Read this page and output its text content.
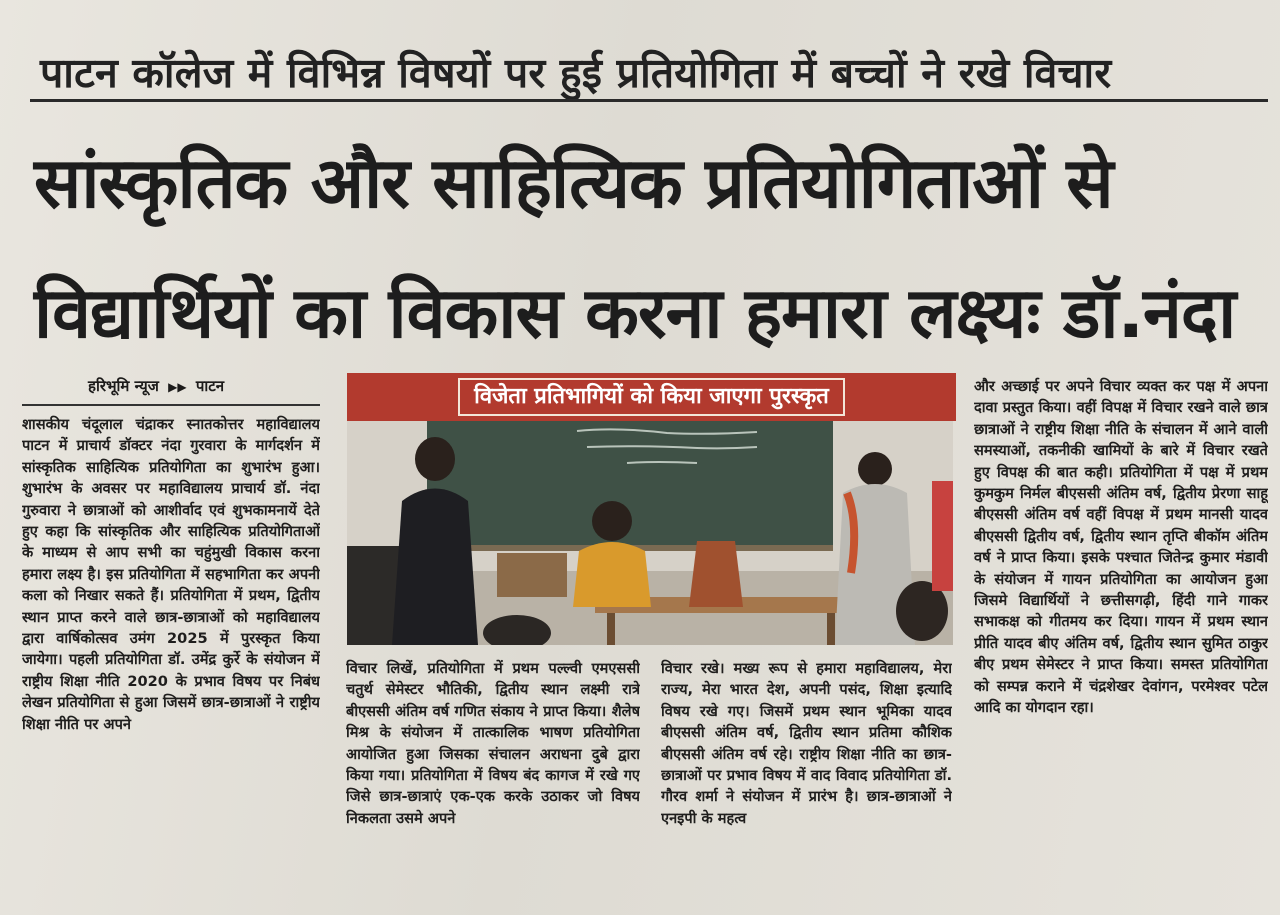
पाटन कॉलेज में विभिन्न विषयों पर हुई प्रतियोगिता में बच्चों ने रखे विचार
सांस्कृतिक और साहित्यिक प्रतियोगिताओं से
विद्यार्थियों का विकास करना हमारा लक्ष्यः डॉ.नंदा
हरिभूमि न्यूज ▶▶ पाटन
शासकीय चंदूलाल चंद्राकर स्नातकोत्तर महाविद्यालय पाटन में प्राचार्य डॉक्टर नंदा गुरवारा के मार्गदर्शन में सांस्कृतिक साहित्यिक प्रतियोगिता का शुभारंभ हुआ। शुभारंभ के अवसर पर महाविद्यालय प्राचार्य डॉ. नंदा गुरुवारा ने छात्राओं को आशीर्वाद एवं शुभकामनायें देते हुए कहा कि सांस्कृतिक और साहित्यिक प्रतियोगिताओं के माध्यम से आप सभी का चहुंमुखी विकास करना हमारा लक्ष्य है। इस प्रतियोगिता में सहभागिता कर अपनी कला को निखार सकते हैं। प्रतियोगिता में प्रथम, द्वितीय स्थान प्राप्त करने वाले छात्र-छात्राओं को महाविद्यालय द्वारा वार्षिकोत्सव उमंग 2025 में पुरस्कृत किया जायेगा। पहली प्रतियोगिता डॉ. उमेंद्र कुर्रे के संयोजन में राष्ट्रीय शिक्षा नीति 2020 के प्रभाव विषय पर निबंध लेखन प्रतियोगिता से हुआ जिसमें छात्र-छात्राओं ने राष्ट्रीय शिक्षा नीति पर अपने
विजेता प्रतिभागियों को किया जाएगा पुरस्कृत
विचार लिखें, प्रतियोगिता में प्रथम पल्ल्वी एमएससी चतुर्थ सेमेस्टर भौतिकी, द्वितीय स्थान लक्ष्मी रात्रे बीएससी अंतिम वर्ष गणित संकाय ने प्राप्त किया। शैलेष मिश्र के संयोजन में तात्कालिक भाषण प्रतियोगिता आयोजित हुआ जिसका संचालन अराधना दुबे द्वारा किया गया। प्रतियोगिता में विषय बंद कागज में रखे गए जिसे छात्र-छात्राएं एक-एक करके उठाकर जो विषय निकलता उसमे अपने
विचार रखे। मख्य रूप से हमारा महाविद्यालय, मेरा राज्य, मेरा भारत देश, अपनी पसंद, शिक्षा इत्यादि विषय रखे गए। जिसमें प्रथम स्थान भूमिका यादव बीएससी अंतिम वर्ष, द्वितीय स्थान प्रतिमा कौशिक बीएससी अंतिम वर्ष रहे। राष्ट्रीय शिक्षा नीति का छात्र-छात्राओं पर प्रभाव विषय में वाद विवाद प्रतियोगिता डॉ. गौरव शर्मा ने संयोजन में प्रारंभ है। छात्र-छात्राओं ने एनइपी के महत्व
और अच्छाई पर अपने विचार व्यक्त कर पक्ष में अपना दावा प्रस्तुत किया। वहीं विपक्ष में विचार रखने वाले छात्र छात्राओं ने राष्ट्रीय शिक्षा नीति के संचालन में आने वाली समस्याओं, तकनीकी खामियों के बारे में विचार रखते हुए विपक्ष की बात कही। प्रतियोगिता में पक्ष में प्रथम कुमकुम निर्मल बीएससी अंतिम वर्ष, द्वितीय प्रेरणा साहू बीएससी अंतिम वर्ष वहीं विपक्ष में प्रथम मानसी यादव बीएससी द्वितीय वर्ष, द्वितीय स्थान तृप्ति बीकॉम अंतिम वर्ष ने प्राप्त किया। इसके पश्चात जितेन्द्र कुमार मंडावी के संयोजन में गायन प्रतियोगिता का आयोजन हुआ जिसमे विद्यार्थियों ने छत्तीसगढ़ी, हिंदी गाने गाकर सभाकक्ष को गीतमय कर दिया। गायन में प्रथम स्थान प्रीति यादव बीए अंतिम वर्ष, द्वितीय स्थान सुमित ठाकुर बीए प्रथम सेमेस्टर ने प्राप्त किया। समस्त प्रतियोगिता को सम्पन्न कराने में चंद्रशेखर देवांगन, परमेश्वर पटेल आदि का योगदान रहा।
